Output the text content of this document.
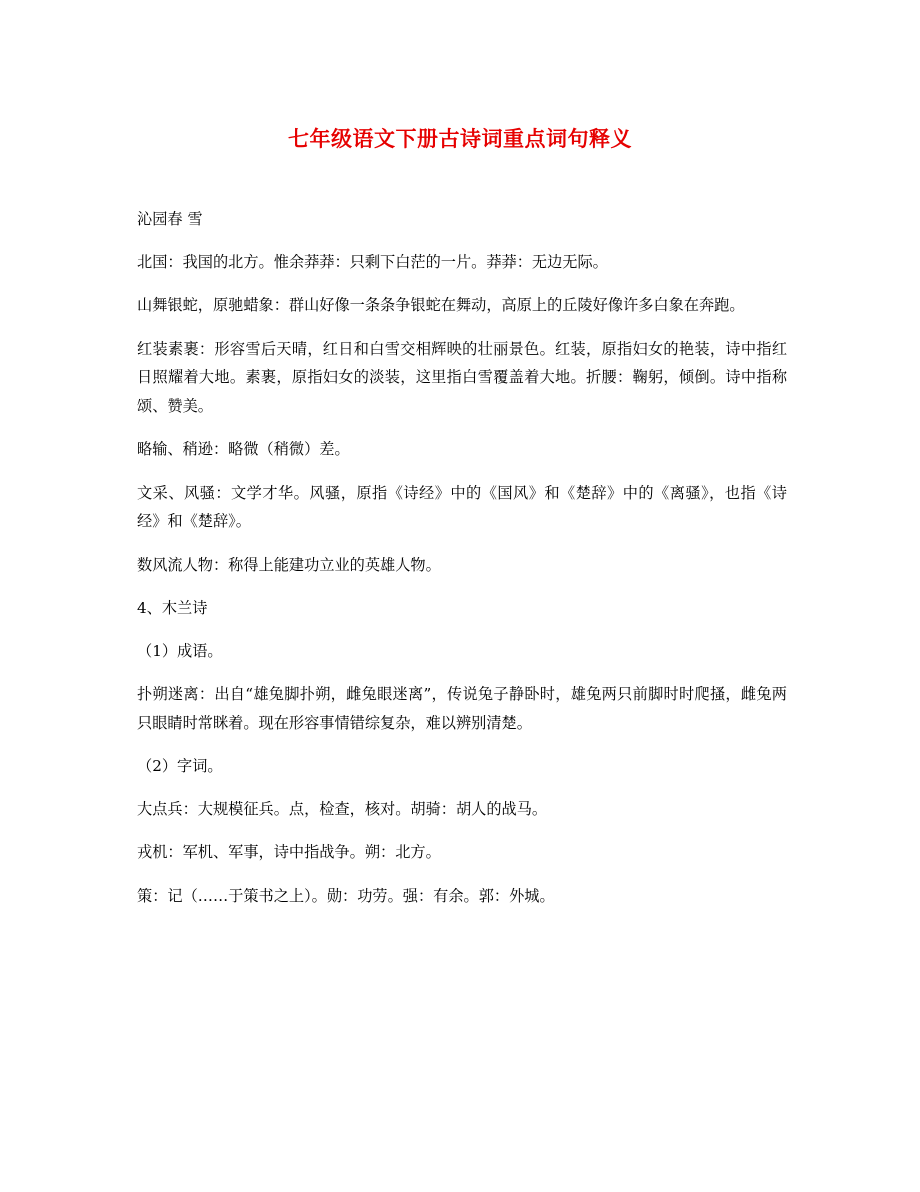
七年级语文下册古诗词重点词句释义

沁园春 雪

北国：我国的北方。惟余莽莽：只剩下白茫的一片。莽莽：无边无际。

山舞银蛇，原驰蜡象：群山好像一条条争银蛇在舞动，高原上的丘陵好像许多白象在奔跑。

红装素裹：形容雪后天晴，红日和白雪交相辉映的壮丽景色。红装，原指妇女的艳装，诗中指红日照耀着大地。素裹，原指妇女的淡装，这里指白雪覆盖着大地。折腰：鞠躬，倾倒。诗中指称颂、赞美。

略输、稍逊：略微（稍微）差。

文采、风骚：文学才华。风骚，原指《诗经》中的《国风》和《楚辞》中的《离骚》，也指《诗经》和《楚辞》。

数风流人物：称得上能建功立业的英雄人物。

4、木兰诗

（1）成语。

扑朔迷离：出自“雄兔脚扑朔，雌兔眼迷离”，传说兔子静卧时，雄兔两只前脚时时爬搔，雌兔两只眼睛时常眯着。现在形容事情错综复杂，难以辨别清楚。

（2）字词。

大点兵：大规模征兵。点，检查，核对。胡骑：胡人的战马。

戎机：军机、军事，诗中指战争。朔：北方。

策：记（……于策书之上）。勋：功劳。强：有余。郭：外城。
